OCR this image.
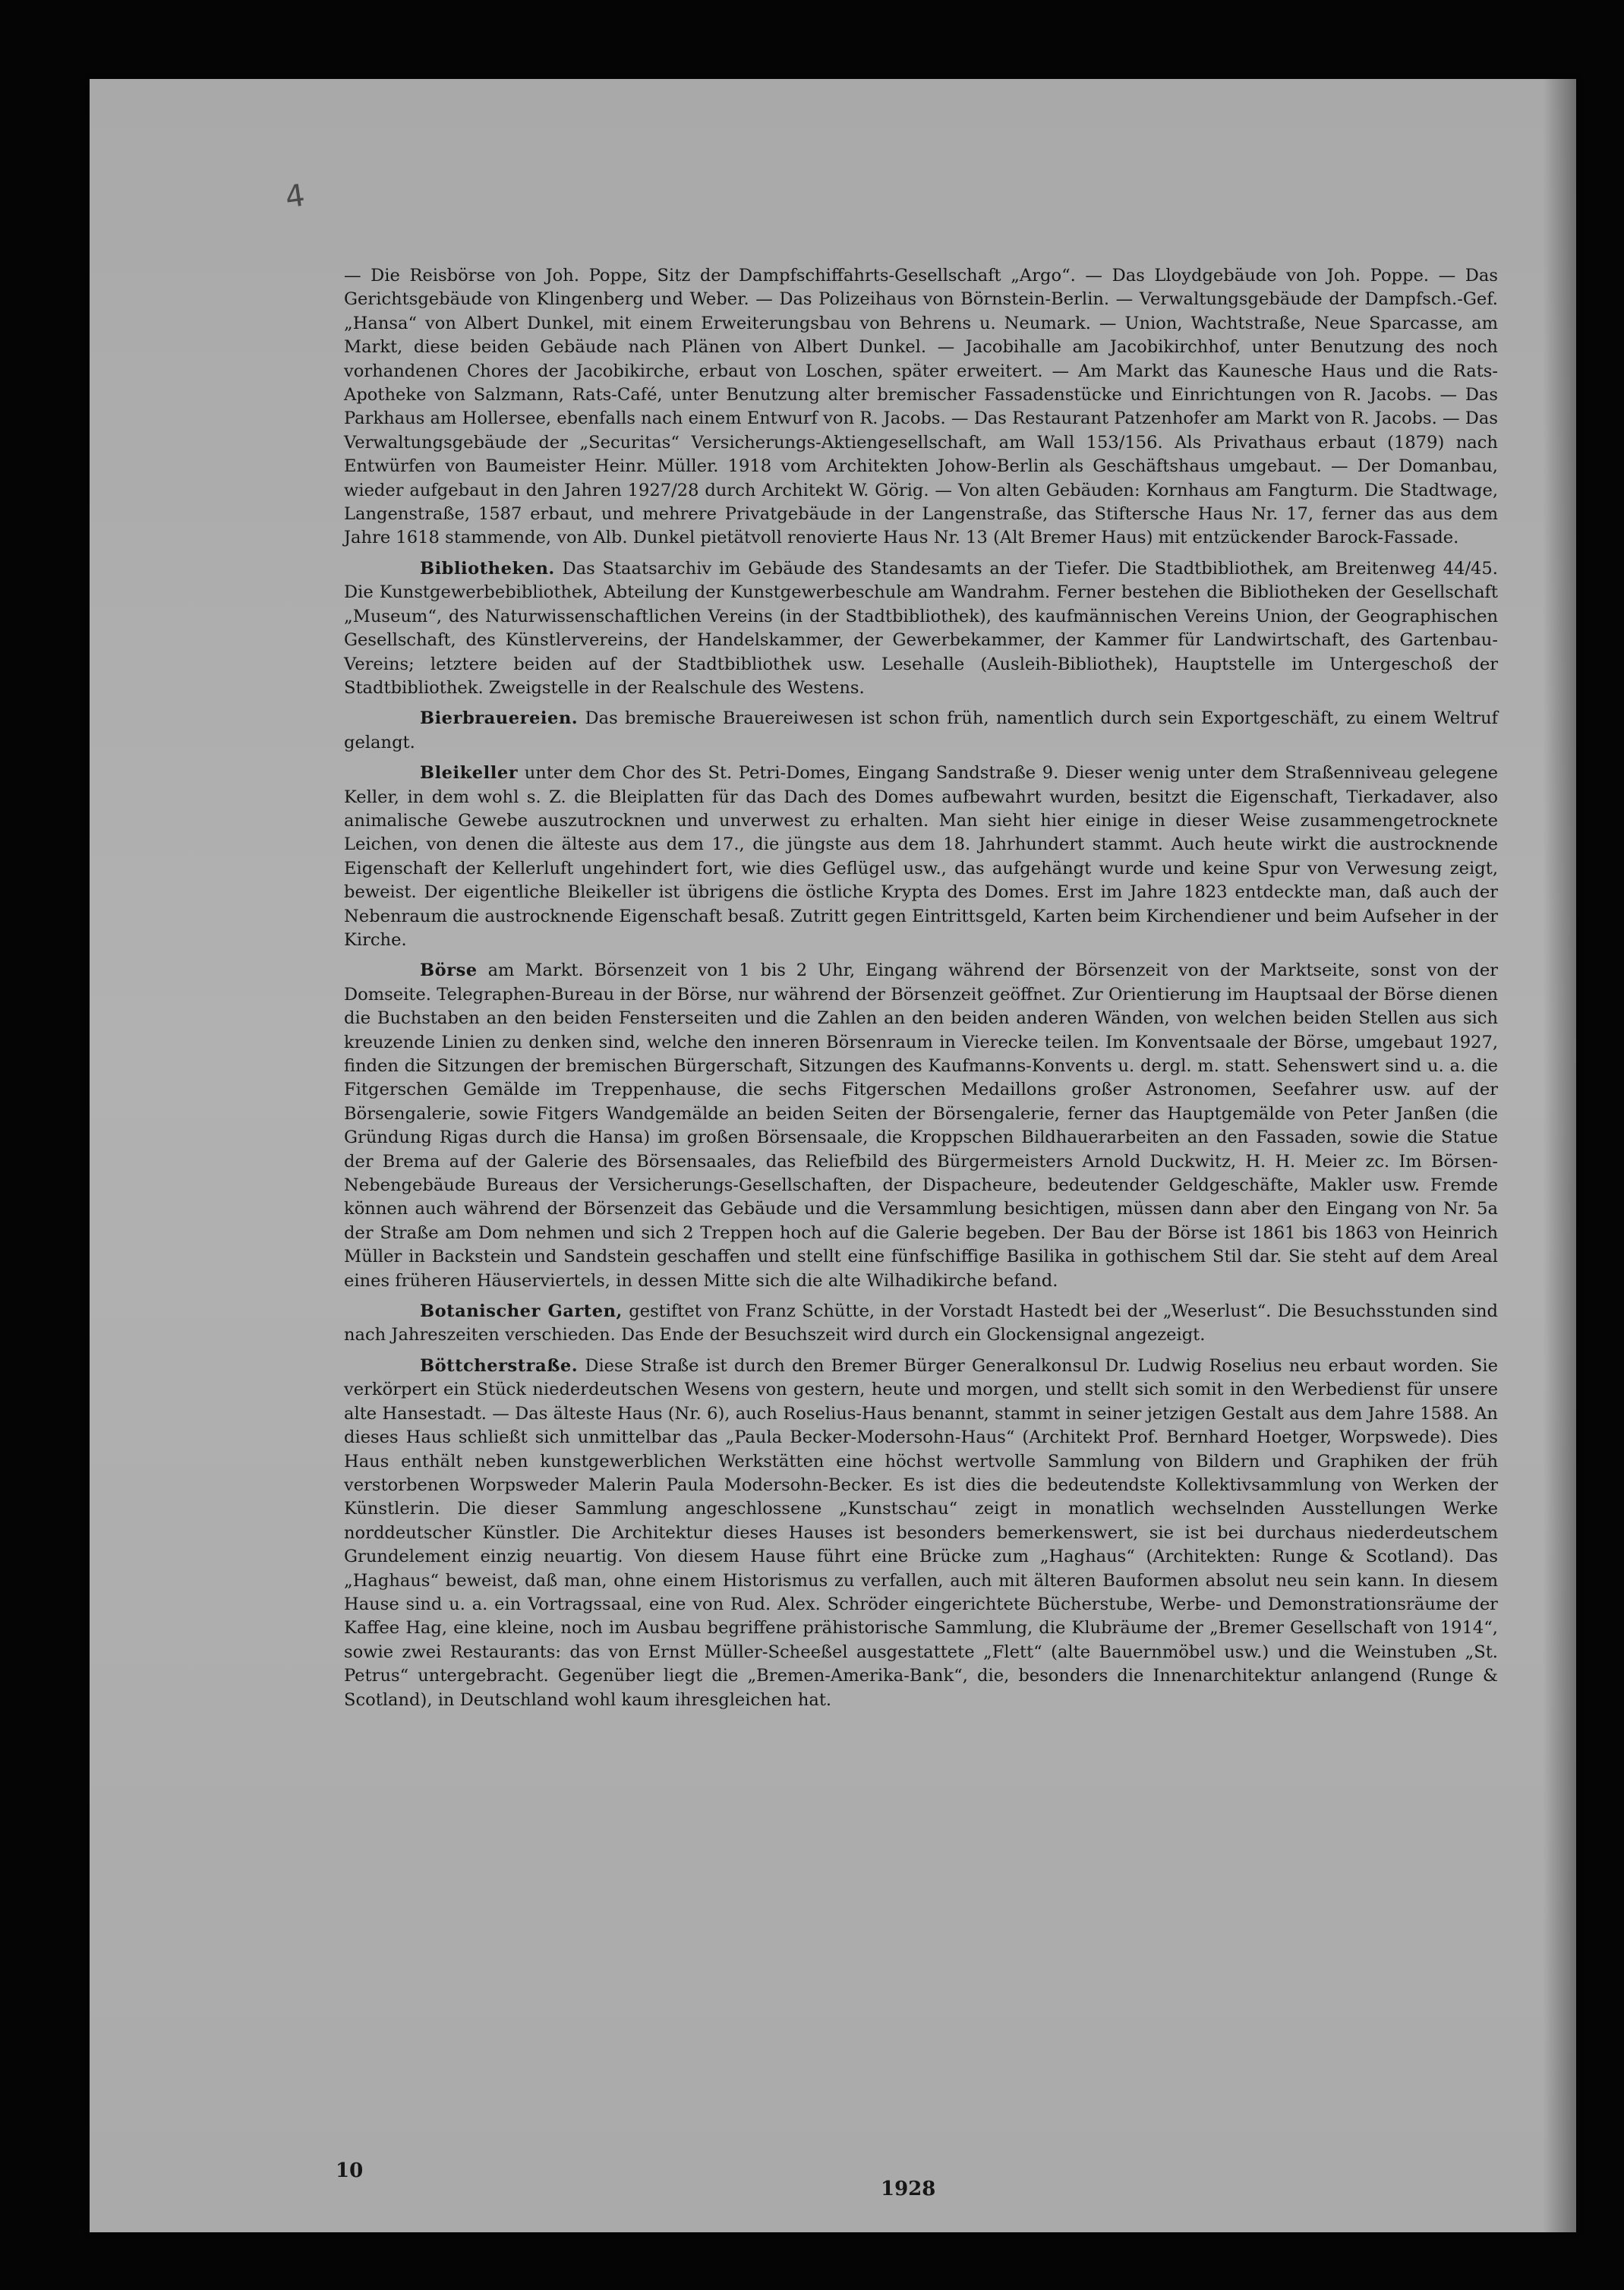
4

— Die Reisbörse von Joh. Poppe, Sitz der Dampfschiffahrts-Gesellschaft „Argo“. — Das Lloydgebäude von Joh. Poppe. — Das Gerichtsgebäude von Klingenberg und Weber. — Das Polizeihaus von Börnstein-Berlin. — Verwaltungsgebäude der Dampfsch.-Gef. „Hansa“ von Albert Dunkel, mit einem Erweiterungsbau von Behrens u. Neumark. — Union, Wachtstraße, Neue Sparcasse, am Markt, diese beiden Gebäude nach Plänen von Albert Dunkel. — Jacobihalle am Jacobikirchhof, unter Benutzung des noch vorhandenen Chores der Jacobikirche, erbaut von Loschen, später erweitert. — Am Markt das Kaunesche Haus und die Rats-Apotheke von Salzmann, Rats-Café, unter Benutzung alter bremischer Fassadenstücke und Einrichtungen von R. Jacobs. — Das Parkhaus am Hollersee, ebenfalls nach einem Entwurf von R. Jacobs. — Das Restaurant Patzenhofer am Markt von R. Jacobs. — Das Verwaltungsgebäude der „Securitas“ Versicherungs-Aktiengesellschaft, am Wall 153/156. Als Privathaus erbaut (1879) nach Entwürfen von Baumeister Heinr. Müller. 1918 vom Architekten Johow-Berlin als Geschäftshaus umgebaut. — Der Domanbau, wieder aufgebaut in den Jahren 1927/28 durch Architekt W. Görig. — Von alten Gebäuden: Kornhaus am Fangturm. Die Stadtwage, Langenstraße, 1587 erbaut, und mehrere Privatgebäude in der Langenstraße, das Stiftersche Haus Nr. 17, ferner das aus dem Jahre 1618 stammende, von Alb. Dunkel pietätvoll renovierte Haus Nr. 13 (Alt Bremer Haus) mit entzückender Barock-Fassade.

Bibliotheken. Das Staatsarchiv im Gebäude des Standesamts an der Tiefer. Die Stadtbibliothek, am Breitenweg 44/45. Die Kunstgewerbebibliothek, Abteilung der Kunstgewerbeschule am Wandrahm. Ferner bestehen die Bibliotheken der Gesellschaft „Museum“, des Naturwissenschaftlichen Vereins (in der Stadtbibliothek), des kaufmännischen Vereins Union, der Geographischen Gesellschaft, des Künstlervereins, der Handelskammer, der Gewerbekammer, der Kammer für Landwirtschaft, des Gartenbau-Vereins; letztere beiden auf der Stadtbibliothek usw. Lesehalle (Ausleih-Bibliothek), Hauptstelle im Untergeschoß der Stadtbibliothek. Zweigstelle in der Realschule des Westens.

Bierbrauereien. Das bremische Brauereiwesen ist schon früh, namentlich durch sein Exportgeschäft, zu einem Weltruf gelangt.

Bleikeller unter dem Chor des St. Petri-Domes, Eingang Sandstraße 9. Dieser wenig unter dem Straßenniveau gelegene Keller, in dem wohl s. Z. die Bleiplatten für das Dach des Domes aufbewahrt wurden, besitzt die Eigenschaft, Tierkadaver, also animalische Gewebe auszutrocknen und unverwest zu erhalten. Man sieht hier einige in dieser Weise zusammengetrocknete Leichen, von denen die älteste aus dem 17., die jüngste aus dem 18. Jahrhundert stammt. Auch heute wirkt die austrocknende Eigenschaft der Kellerluft ungehindert fort, wie dies Geflügel usw., das aufgehängt wurde und keine Spur von Verwesung zeigt, beweist. Der eigentliche Bleikeller ist übrigens die östliche Krypta des Domes. Erst im Jahre 1823 entdeckte man, daß auch der Nebenraum die austrocknende Eigenschaft besaß. Zutritt gegen Eintrittsgeld, Karten beim Kirchendiener und beim Aufseher in der Kirche.

Börse am Markt. Börsenzeit von 1 bis 2 Uhr, Eingang während der Börsenzeit von der Marktseite, sonst von der Domseite. Telegraphen-Bureau in der Börse, nur während der Börsenzeit geöffnet. Zur Orientierung im Hauptsaal der Börse dienen die Buchstaben an den beiden Fensterseiten und die Zahlen an den beiden anderen Wänden, von welchen beiden Stellen aus sich kreuzende Linien zu denken sind, welche den inneren Börsenraum in Vierecke teilen. Im Konventsaale der Börse, umgebaut 1927, finden die Sitzungen der bremischen Bürgerschaft, Sitzungen des Kaufmanns-Konvents u. dergl. m. statt. Sehenswert sind u. a. die Fitgerschen Gemälde im Treppenhause, die sechs Fitgerschen Medaillons großer Astronomen, Seefahrer usw. auf der Börsengalerie, sowie Fitgers Wandgemälde an beiden Seiten der Börsengalerie, ferner das Hauptgemälde von Peter Janßen (die Gründung Rigas durch die Hansa) im großen Börsensaale, die Kroppschen Bildhauerarbeiten an den Fassaden, sowie die Statue der Brema auf der Galerie des Börsensaales, das Reliefbild des Bürgermeisters Arnold Duckwitz, H. H. Meier zc. Im Börsen-Nebengebäude Bureaus der Versicherungs-Gesellschaften, der Dispacheure, bedeutender Geldgeschäfte, Makler usw. Fremde können auch während der Börsenzeit das Gebäude und die Versammlung besichtigen, müssen dann aber den Eingang von Nr. 5a der Straße am Dom nehmen und sich 2 Treppen hoch auf die Galerie begeben. Der Bau der Börse ist 1861 bis 1863 von Heinrich Müller in Backstein und Sandstein geschaffen und stellt eine fünfschiffige Basilika in gothischem Stil dar. Sie steht auf dem Areal eines früheren Häuserviertels, in dessen Mitte sich die alte Wilhadikirche befand.

Botanischer Garten, gestiftet von Franz Schütte, in der Vorstadt Hastedt bei der „Weserlust“. Die Besuchsstunden sind nach Jahreszeiten verschieden. Das Ende der Besuchszeit wird durch ein Glockensignal angezeigt.

Böttcherstraße. Diese Straße ist durch den Bremer Bürger Generalkonsul Dr. Ludwig Roselius neu erbaut worden. Sie verkörpert ein Stück niederdeutschen Wesens von gestern, heute und morgen, und stellt sich somit in den Werbedienst für unsere alte Hansestadt. — Das älteste Haus (Nr. 6), auch Roselius-Haus benannt, stammt in seiner jetzigen Gestalt aus dem Jahre 1588. An dieses Haus schließt sich unmittelbar das „Paula Becker-Modersohn-Haus“ (Architekt Prof. Bernhard Hoetger, Worpswede). Dies Haus enthält neben kunstgewerblichen Werkstätten eine höchst wertvolle Sammlung von Bildern und Graphiken der früh verstorbenen Worpsweder Malerin Paula Modersohn-Becker. Es ist dies die bedeutendste Kollektivsammlung von Werken der Künstlerin. Die dieser Sammlung angeschlossene „Kunstschau“ zeigt in monatlich wechselnden Ausstellungen Werke norddeutscher Künstler. Die Architektur dieses Hauses ist besonders bemerkenswert, sie ist bei durchaus niederdeutschem Grundelement einzig neuartig. Von diesem Hause führt eine Brücke zum „Haghaus“ (Architekten: Runge & Scotland). Das „Haghaus“ beweist, daß man, ohne einem Historismus zu verfallen, auch mit älteren Bauformen absolut neu sein kann. In diesem Hause sind u. a. ein Vortragssaal, eine von Rud. Alex. Schröder eingerichtete Bücherstube, Werbe- und Demonstrationsräume der Kaffee Hag, eine kleine, noch im Ausbau begriffene prähistorische Sammlung, die Klubräume der „Bremer Gesellschaft von 1914“, sowie zwei Restaurants: das von Ernst Müller-Scheeßel ausgestattete „Flett“ (alte Bauernmöbel usw.) und die Weinstuben „St. Petrus“ untergebracht. Gegenüber liegt die „Bremen-Amerika-Bank“, die, besonders die Innenarchitektur anlangend (Runge & Scotland), in Deutschland wohl kaum ihresgleichen hat.

10
1928
